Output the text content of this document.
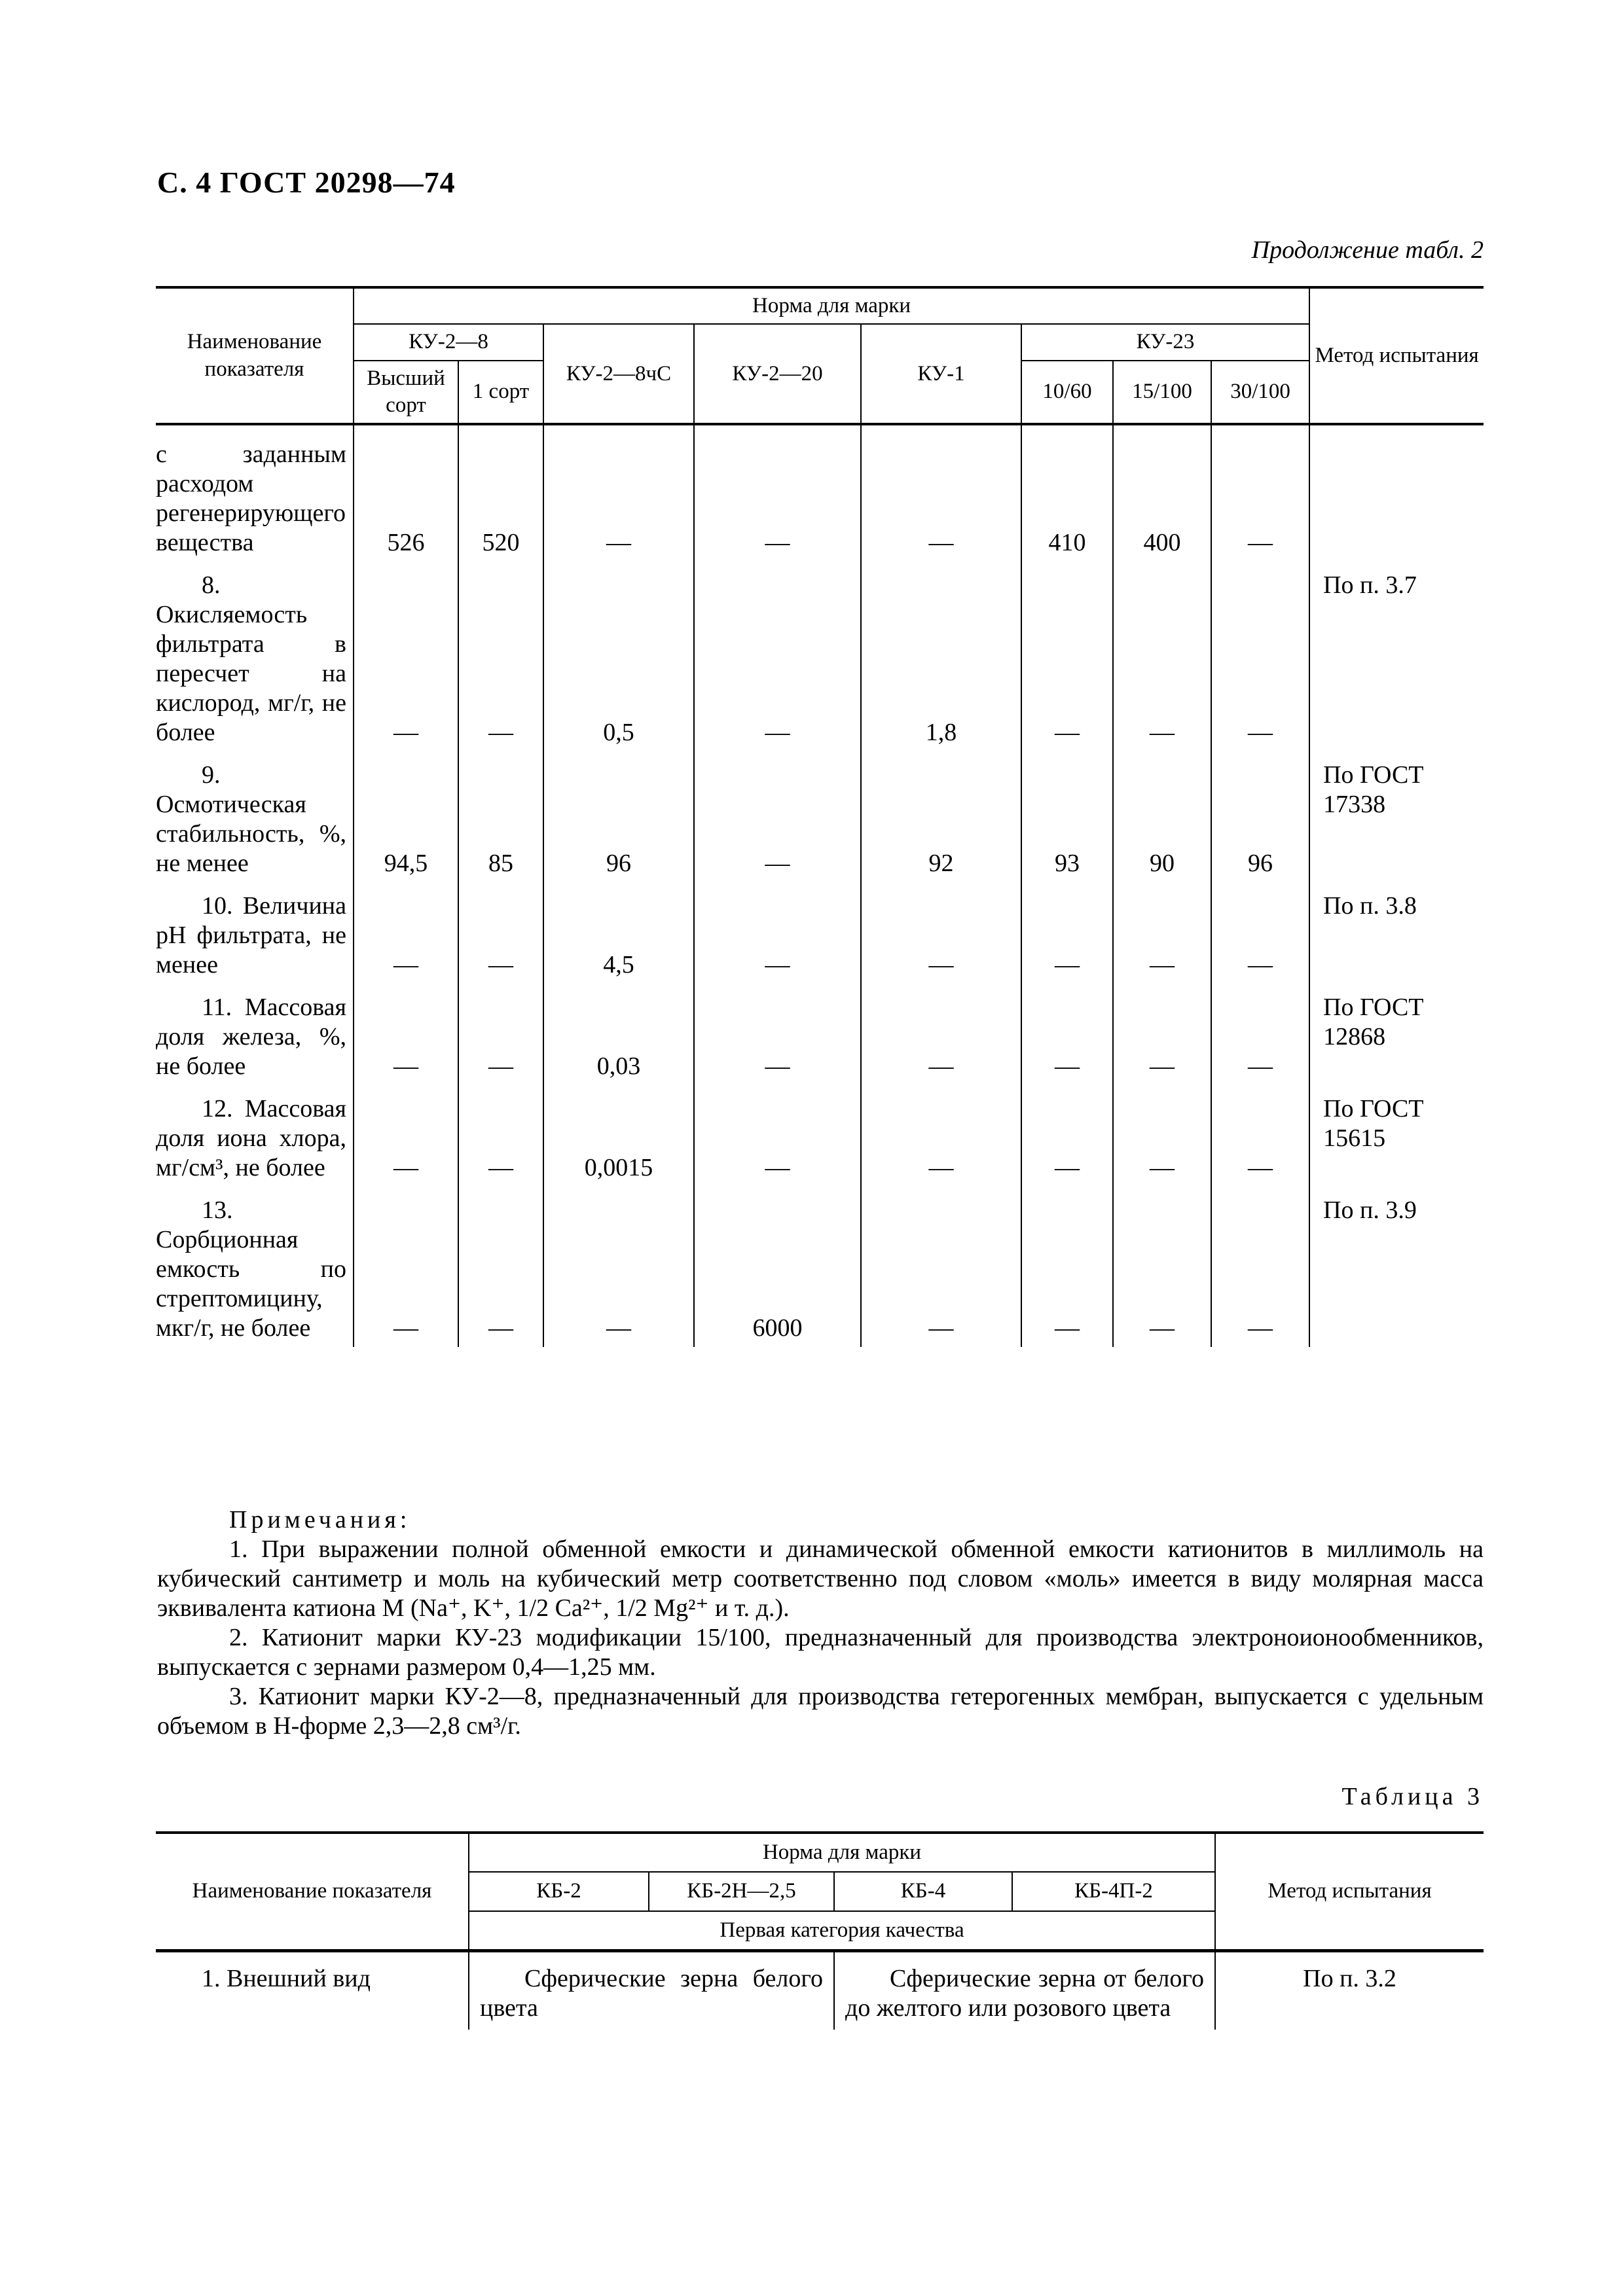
С. 4 ГОСТ 20298—74
Продолжение табл. 2
Наименование показателя	Норма для марки								Метод испытания
	КУ-2—8		КУ-2—8чС	КУ-2—20	КУ-1	КУ-23			
	Высший сорт	1 сорт				10/60	15/100	30/100	
с заданным расходом регенерирующего вещества	526	520	—	—	—	410	400	—	
8. Окисляемость фильтрата в пересчет на кислород, мг/г, не более	—	—	0,5	—	1,8	—	—	—	По п. 3.7
9. Осмотическая стабильность, %, не менее	94,5	85	96	—	92	93	90	96	По ГОСТ 17338
10. Величина рН фильтрата, не менее	—	—	4,5	—	—	—	—	—	По п. 3.8
11. Массовая доля железа, %, не более	—	—	0,03	—	—	—	—	—	По ГОСТ 12868
12. Массовая доля иона хлора, мг/см³, не более	—	—	0,0015	—	—	—	—	—	По ГОСТ 15615
13. Сорбционная емкость по стрептомицину, мкг/г, не более	—	—	—	6000	—	—	—	—	По п. 3.9
Примечания:
1. При выражении полной обменной емкости и динамической обменной емкости катионитов в миллимоль на кубический сантиметр и моль на кубический метр соответственно под словом «моль» имеется в виду молярная масса эквивалента катиона М (Na⁺, K⁺, 1/2 Ca²⁺, 1/2 Mg²⁺ и т. д.).
2. Катионит марки КУ-23 модификации 15/100, предназначенный для производства электроноионообменников, выпускается с зернами размером 0,4—1,25 мм.
3. Катионит марки КУ-2—8, предназначенный для производства гетерогенных мембран, выпускается с удельным объемом в Н-форме 2,3—2,8 см³/г.
Таблица 3
Наименование показателя	Норма для марки				Метод испытания
	КБ-2	КБ-2Н—2,5	КБ-4	КБ-4П-2	
	Первая категория качества				
1. Внешний вид	Сферические зерна белого цвета		Сферические зерна от белого до желтого или розового цвета		По п. 3.2
